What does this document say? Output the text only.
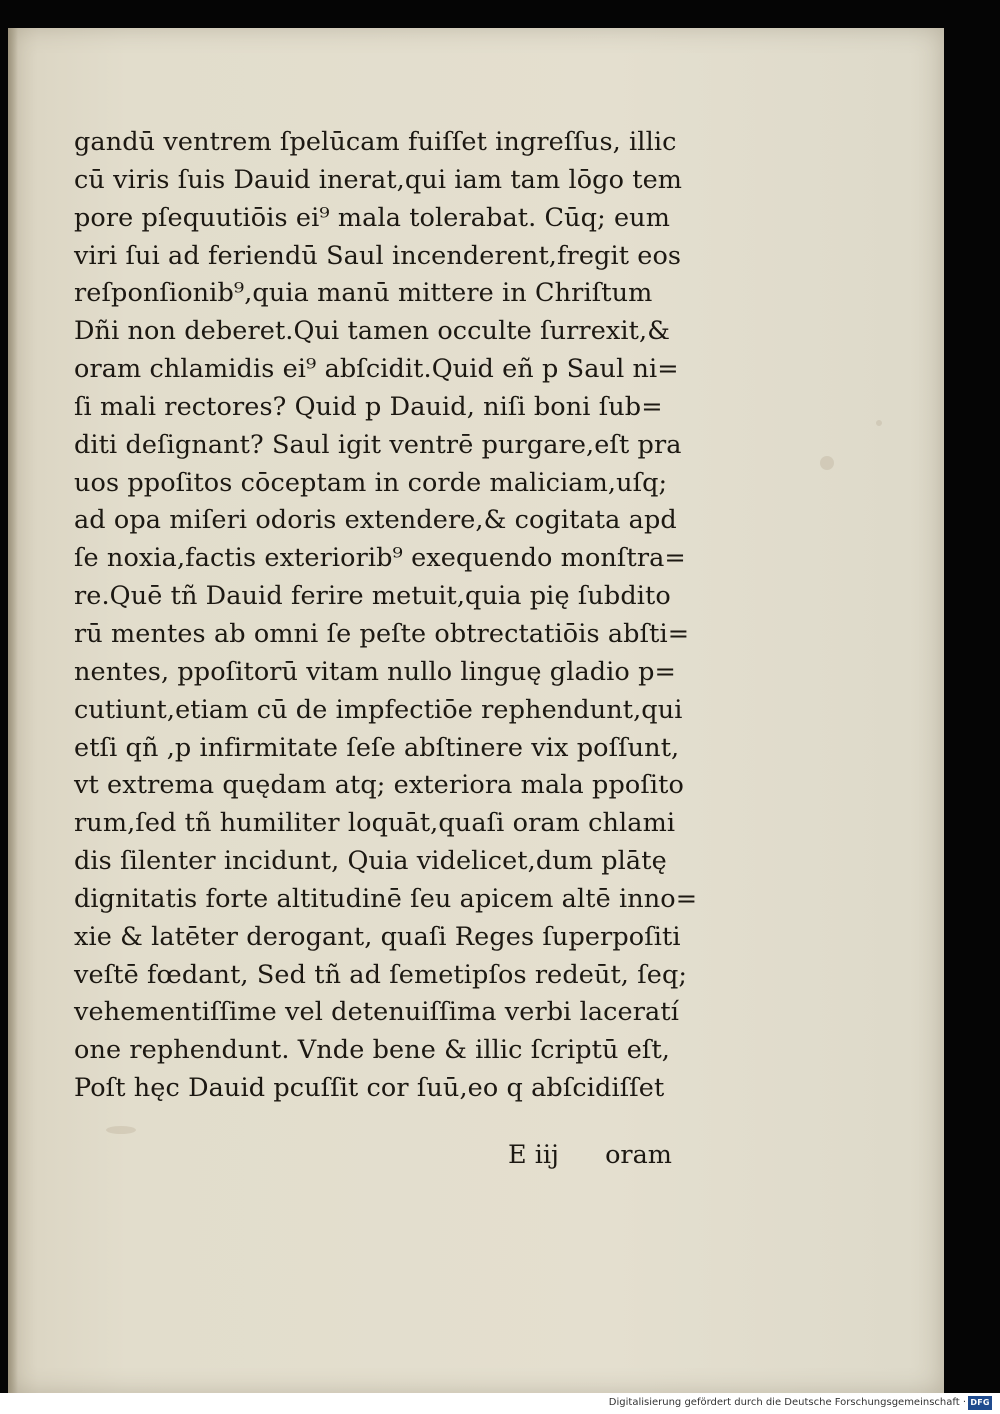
gandū ventrem ſpelūcam fuiſſet ingreſſus, illic
cū viris ſuis Dauid inerat,qui iam tam lōgo tem
pore pſequutiōis ei⁹ mala tolerabat. Cūq; eum
viri ſui ad feriendū Saul incenderent,fregit eos
reſponſionib⁹,quia manū mittere in Chriſtum
Dñi non deberet.Qui tamen occulte ſurrexit,&
oram chlamidis ei⁹ abſcidit.Quid eñ p Saul ni=
ſi mali rectores? Quid p Dauid, niſi boni ſub=
diti deſignant? Saul igit ventrē purgare,eſt pra
uos ppoſitos cōceptam in corde maliciam,uſq;
ad opa miſeri odoris extendere,& cogitata apd
ſe noxia,factis exteriorib⁹ exequendo monſtra=
re.Quē tñ Dauid ferire metuit,quia pię ſubdito
rū mentes ab omni ſe peſte obtrectatiōis abſti=
nentes, ppoſitorū vitam nullo linguę gladio p=
cutiunt,etiam cū de impfectiōe rephendunt,qui
etſi qñ ,p infirmitate ſeſe abſtinere vix poſſunt,
vt extrema quędam atq; exteriora mala ppoſito
rum,ſed tñ humiliter loquāt,quaſi oram chlami
dis ſilenter incidunt, Quia videlicet,dum plātę
dignitatis forte altitudinē ſeu apicem altē inno=
xie & latēter derogant, quaſi Reges ſuperpoſiti
veſtē fœdant, Sed tñ ad ſemetipſos redeūt, ſeq;
vehementiſſime vel detenuiſſima verbi laceratí
one rephendunt. Vnde bene & illic ſcriptū eſt,
Poſt hęc Dauid pcuſſit cor ſuū,eo q abſcidiſſet
E iij oram
Digitalisierung gefördert durch die Deutsche Forschungsgemeinschaft · DFG
